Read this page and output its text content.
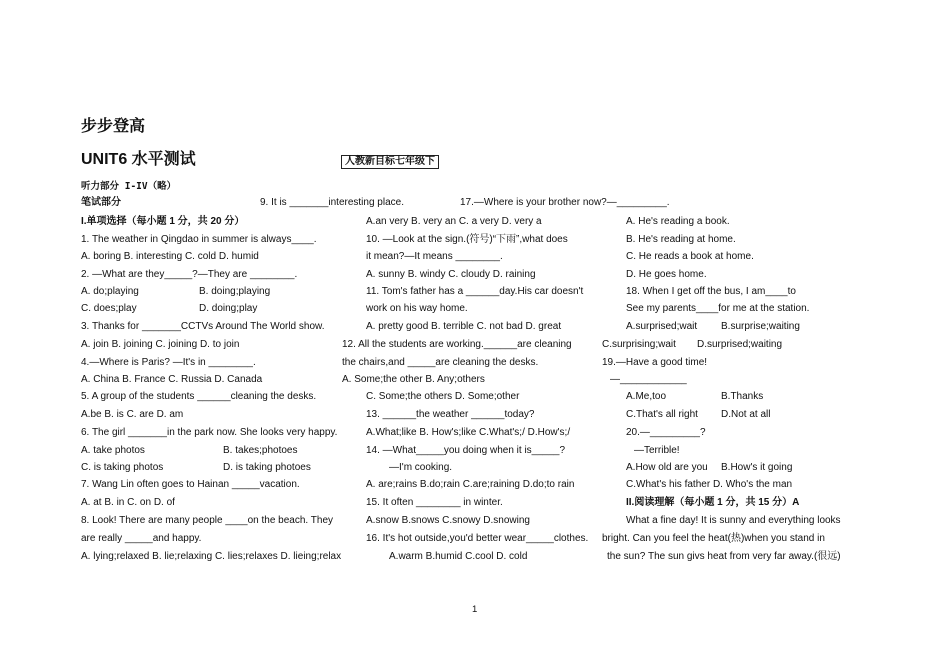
步步登高
UNIT6 水平测试	人教新目标七年级下
听力部分 I-IV（略）
笔试部分
I.单项选择（每小题 1 分，共 20 分）
1. The weather in Qingdao in summer is always____.
A. boring B. interesting C. cold D. humid
2. —What are they_____?—They are ________.
A. do;playing	B. doing;playing
C. does;play	D. doing;play
3. Thanks for _______CCTVs Around The World show.
A. join B. joining C. joining D. to join
4.—Where is Paris? —It's in ________.
A. China B. France C. Russia D. Canada
5. A group of the students ______cleaning the desks.
A.be B. is C. are D. am
6. The girl _______in the park now. She looks very happy.
A. take photos	B. takes;photoes
C. is taking photos	D. is taking photoes
7. Wang Lin often goes to Hainan _____vacation.
A. at B. in C. on D. of
8. Look! There are many people ____on the beach. They
are really _____and happy.
A. lying;relaxed B. lie;relaxing C. lies;relaxes D. lieing;relax
9. It is _______interesting place.
A.an very B. very an C. a very D. very a
10. —Look at the sign.(符号)“下雨”,what does
it mean?—It means ________.
A. sunny B. windy C. cloudy D. raining
11. Tom's father has a ______day.His car doesn't
work on his way home.
A. pretty good B. terrible C. not bad D. great
12. All the students are working.______are cleaning
the chairs,and _____are cleaning the desks.
A. Some;the other B. Any;others
C. Some;the others D. Some;other
13. ______the weather ______today?
A.What;like B. How's;like C.What's;/ D.How's;/
14. —What_____you doing when it is_____?
—I'm cooking.
A. are;rains B.do;rain C.are;raining D.do;to rain
15. It often ________ in winter.
A.snow B.snows C.snowy D.snowing
16. It's hot outside,you'd better wear_____clothes.
A.warm B.humid C.cool D. cold
17.—Where is your brother now?—_________.
A. He's reading a book.
B. He's reading at home.
C. He reads a book at home.
D. He goes home.
18. When I get off the bus, I am____to
See my parents____for me at the station.
A.surprised;wait B.surprise;waiting
C.surprising;wait D.surprised;waiting
19.—Have a good time!
—____________
A.Me,too	B.Thanks
C.That's all right D.Not at all
20.—_________?
—Terrible!
A.How old are you B.How's it going
C.What's his father D. Who's the man
II.阅读理解（每小题 1 分，共 15 分）A
What a fine day! It is sunny and everything looks
bright. Can you feel the heat(热)when you stand in
the sun? The sun givs heat from very far away.(很远)
1
